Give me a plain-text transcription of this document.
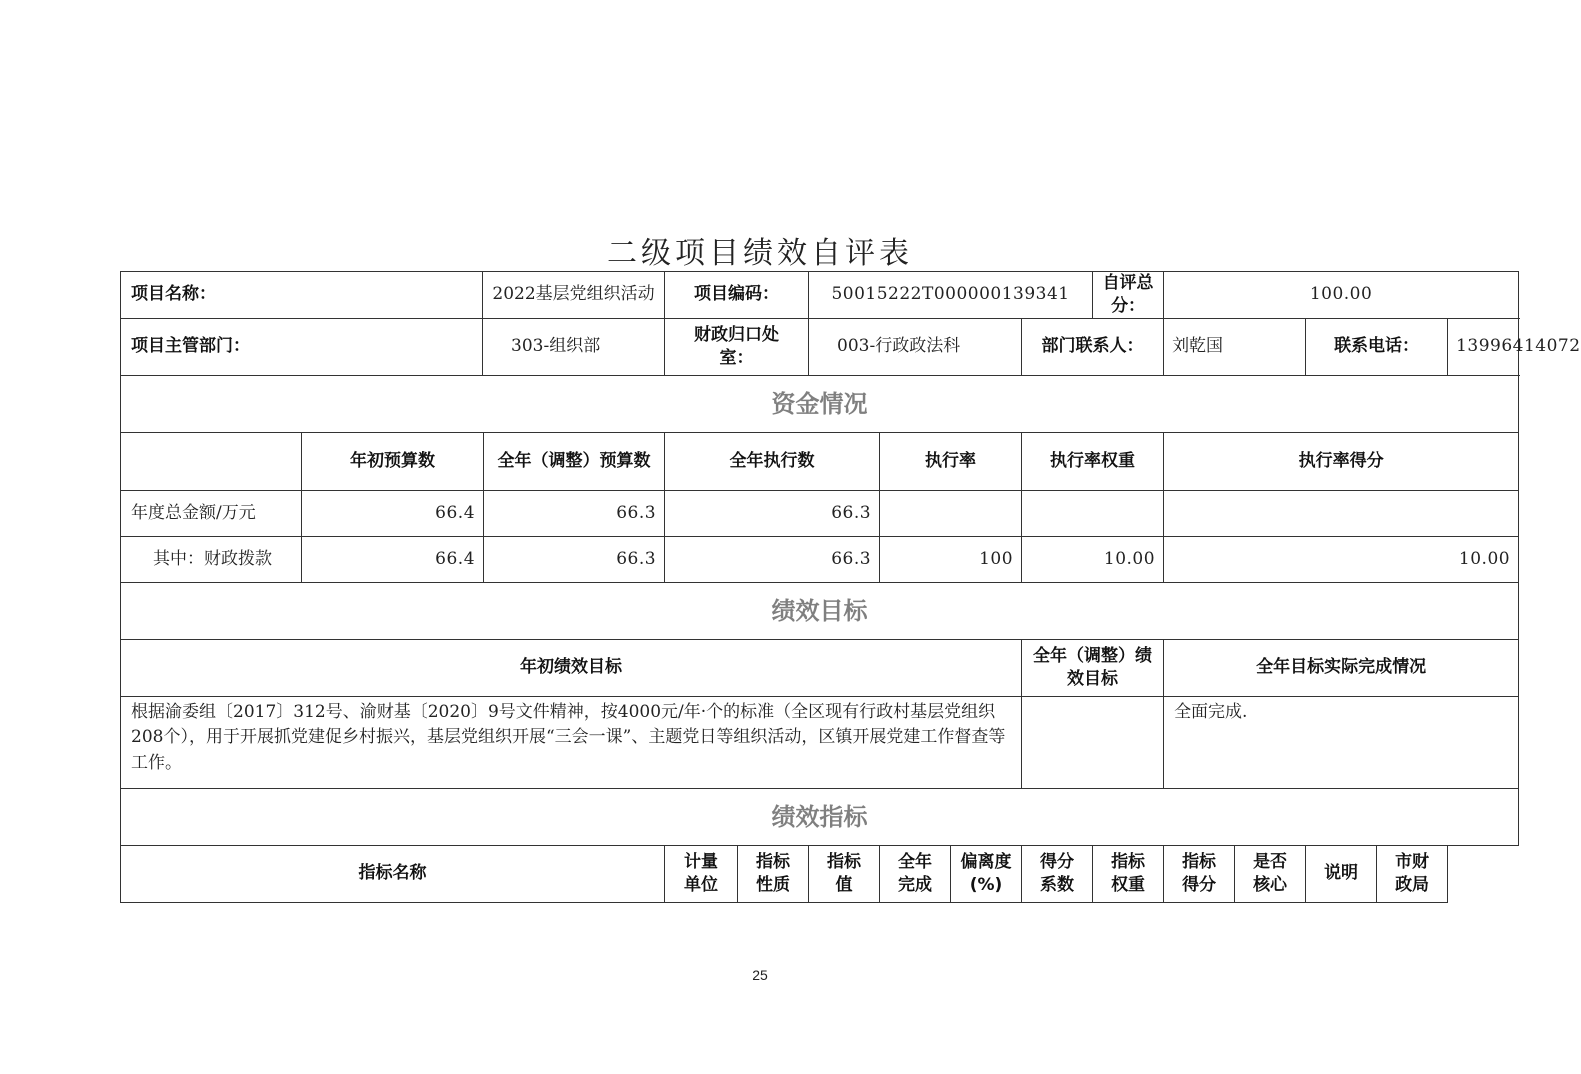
二级项目绩效自评表
项目名称：		2022基层党组织活动	项目编码：		50015222T000000139341				自评总分：	100.00				
项目主管部门：		303-组织部	财政归口处室：		003-行政政法科			部门联系人：		刘乾国		联系电话：		13996414072
资金情况														
	年初预算数	全年（调整）预算数	全年执行数			执行率		执行率权重		执行率得分				
年度总金额/万元	66.4	66.3	66.3											
其中：财政拨款	66.4	66.3	66.3			100		10.00		10.00				
绩效目标														
年初绩效目标								全年（调整）绩效目标		全年目标实际完成情况				
根据渝委组〔2017〕312号、渝财基〔2020〕9号文件精神，按4000元/年·个的标准（全区现有行政村基层党组织208个），用于开展抓党建促乡村振兴，基层党组织开展“三会一课”、主题党日等组织活动，区镇开展党建工作督查等工作。										全面完成.				
绩效指标														
指标名称			计量单位	指标性质	指标值	全年完成	偏离度(%)	得分系数	指标权重	指标得分	是否核心	说明	市财政局	
25
